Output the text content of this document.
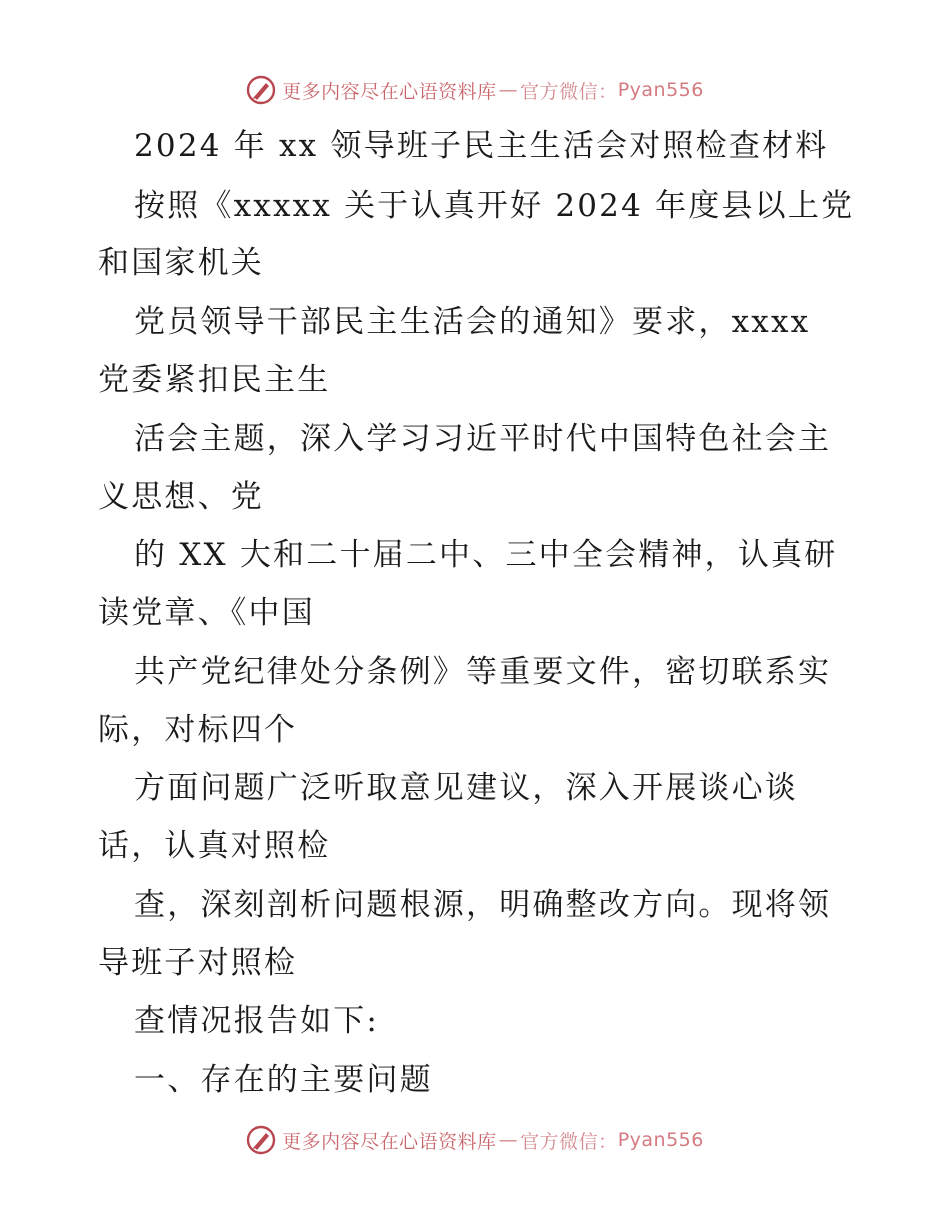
更多内容尽在心语资料库 — 官方微信： Pyan556
2024 年 xx 领导班子民主生活会对照检查材料
按照《xxxxx 关于认真开好 2024 年度县以上党
和国家机关
党员领导干部民主生活会的通知》要求，xxxx
党委紧扣民主生
活会主题，深入学习习近平时代中国特色社会主
义思想、党
的 XX 大和二十届二中、三中全会精神，认真研
读党章、《中国
共产党纪律处分条例》等重要文件，密切联系实
际，对标四个
方面问题广泛听取意见建议，深入开展谈心谈
话，认真对照检
查，深刻剖析问题根源，明确整改方向。现将领
导班子对照检
查情况报告如下:
一、存在的主要问题
更多内容尽在心语资料库 — 官方微信： Pyan556
